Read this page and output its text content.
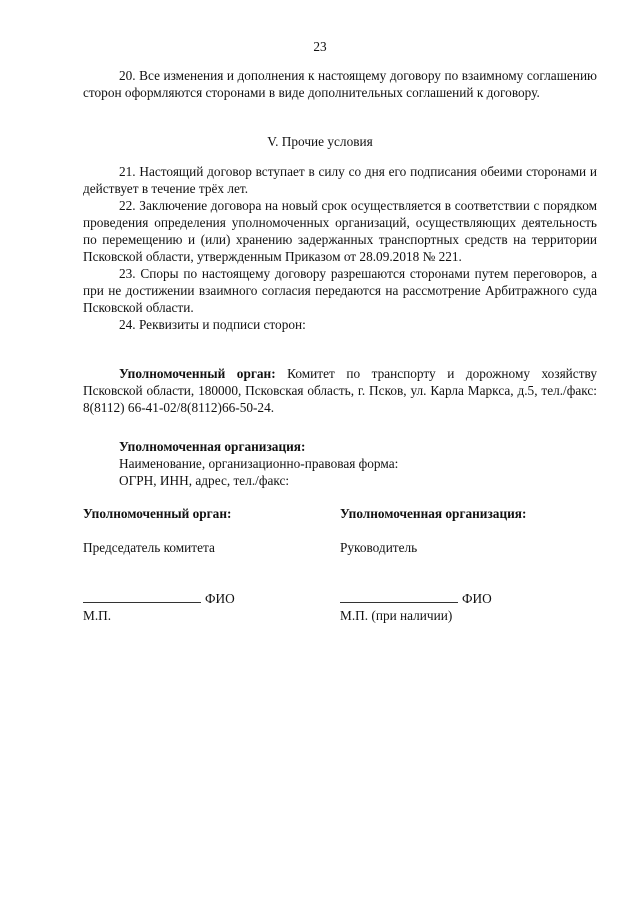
23

20. Все изменения и дополнения к настоящему договору по взаимному соглашению сторон оформляются сторонами в виде дополнительных соглашений к договору.

V. Прочие условия

21. Настоящий договор вступает в силу со дня его подписания обеими сторонами и действует в течение трёх лет.

22. Заключение договора на новый срок осуществляется в соответствии с порядком проведения определения уполномоченных организаций, осуществляющих деятельность по перемещению и (или) хранению задержанных транспортных средств на территории Псковской области, утвержденным Приказом от 28.09.2018 № 221.

23. Споры по настоящему договору разрешаются сторонами путем переговоров, а при не достижении взаимного согласия передаются на рассмотрение Арбитражного суда Псковской области.

24. Реквизиты и подписи сторон:

Уполномоченный орган: Комитет по транспорту и дорожному хозяйству Псковской области, 180000, Псковская область, г. Псков, ул. Карла Маркса, д.5, тел./факс: 8(8112) 66-41-02/8(8112)66-50-24.

Уполномоченная организация:
Наименование, организационно-правовая форма:
ОГРН, ИНН, адрес, тел./факс:
Уполномоченный орган:
Председатель комитета
ФИО
М.П.
Уполномоченная организация:
Руководитель
ФИО
М.П. (при наличии)
